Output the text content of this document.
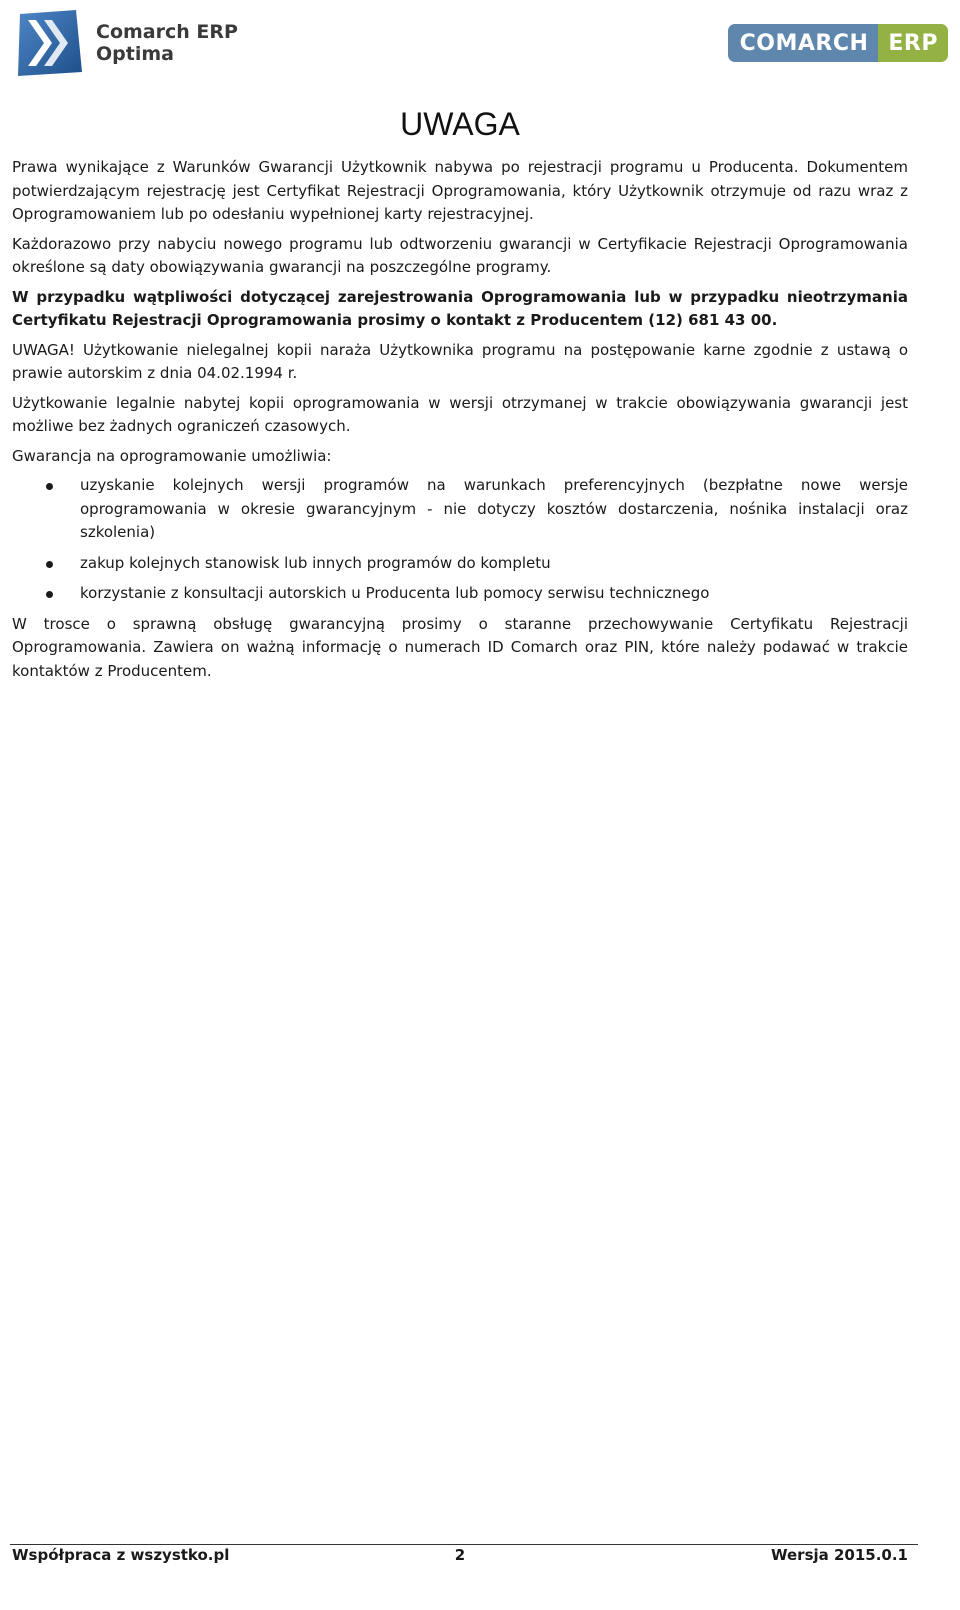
Comarch ERP
Optima	COMARCH ERP
UWAGA

Prawa wynikające z Warunków Gwarancji Użytkownik nabywa po rejestracji programu u Producenta. Dokumentem potwierdzającym rejestrację jest Certyfikat Rejestracji Oprogramowania, który Użytkownik otrzymuje od razu wraz z Oprogramowaniem lub po odesłaniu wypełnionej karty rejestracyjnej.

Każdorazowo przy nabyciu nowego programu lub odtworzeniu gwarancji w Certyfikacie Rejestracji Oprogramowania określone są daty obowiązywania gwarancji na poszczególne programy.

W przypadku wątpliwości dotyczącej zarejestrowania Oprogramowania lub w przypadku nieotrzymania Certyfikatu Rejestracji Oprogramowania prosimy o kontakt z Producentem (12) 681 43 00.

UWAGA! Użytkowanie nielegalnej kopii naraża Użytkownika programu na postępowanie karne zgodnie z ustawą o prawie autorskim z dnia 04.02.1994 r.

Użytkowanie legalnie nabytej kopii oprogramowania w wersji otrzymanej w trakcie obowiązywania gwarancji jest możliwe bez żadnych ograniczeń czasowych.

Gwarancja na oprogramowanie umożliwia:

uzyskanie kolejnych wersji programów na warunkach preferencyjnych (bezpłatne nowe wersje oprogramowania w okresie gwarancyjnym - nie dotyczy kosztów dostarczenia, nośnika instalacji oraz szkolenia)
zakup kolejnych stanowisk lub innych programów do kompletu
korzystanie z konsultacji autorskich u Producenta lub pomocy serwisu technicznego

W trosce o sprawną obsługę gwarancyjną prosimy o staranne przechowywanie Certyfikatu Rejestracji Oprogramowania. Zawiera on ważną informację o numerach ID Comarch oraz PIN, które należy podawać w trakcie kontaktów z Producentem.

Współpraca z wszystko.pl	2	Wersja 2015.0.1
